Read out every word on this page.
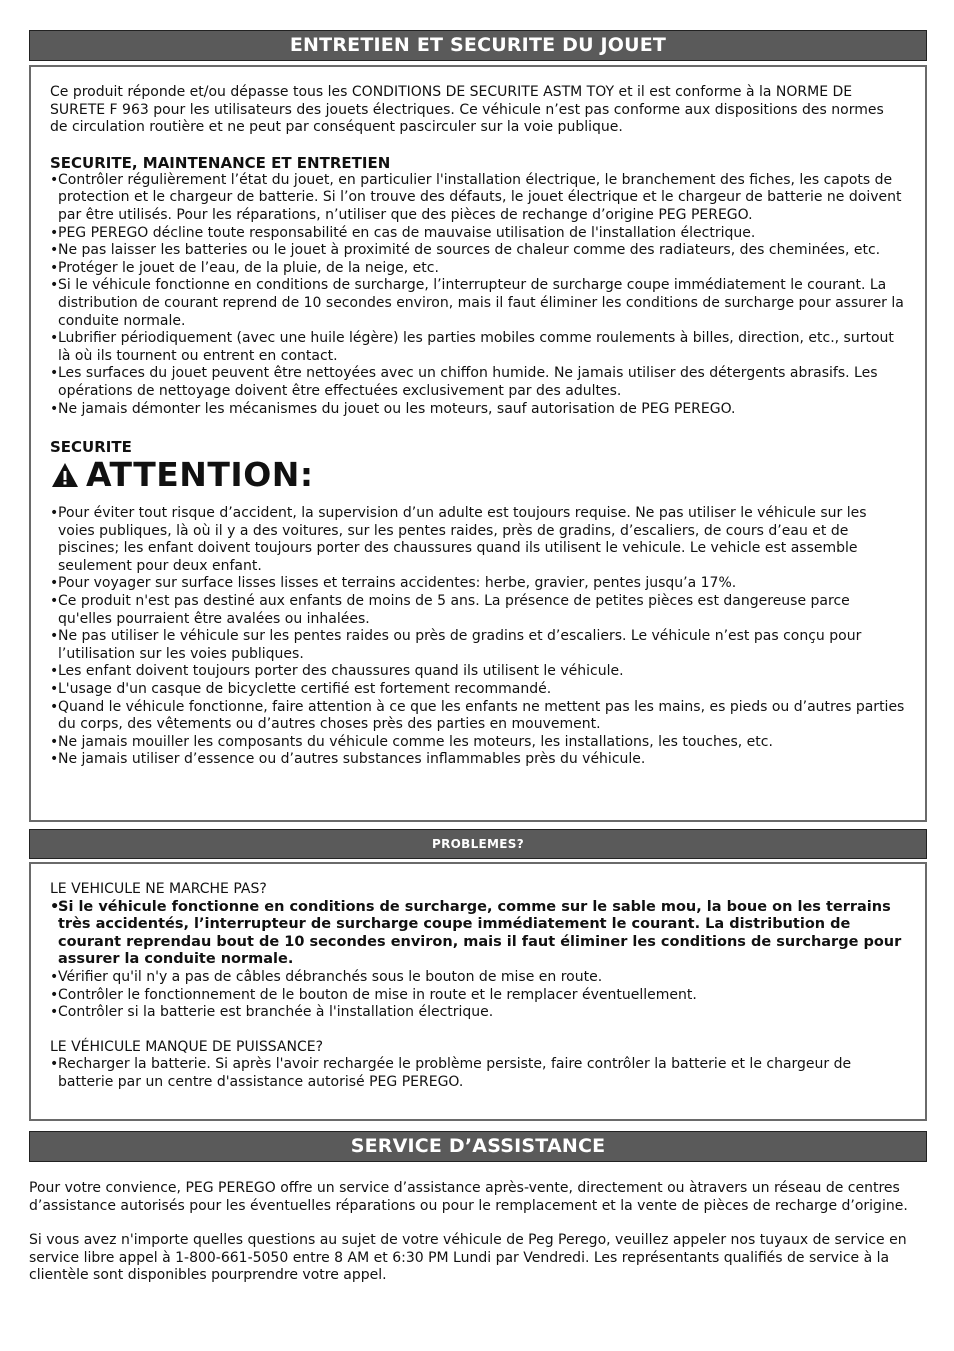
ENTRETIEN ET SECURITE DU JOUET

Ce produit réponde et/ou dépasse tous les CONDITIONS DE SECURITE ASTM TOY et il est conforme à la NORME DE SURETE F 963 pour les utilisateurs des jouets électriques. Ce véhicule n’est pas conforme aux dispositions des normes de circulation routière et ne peut par conséquent pascirculer sur la voie publique.

SECURITE, MAINTENANCE ET ENTRETIEN

• Contrôler régulièrement l’état du jouet, en particulier l'installation électrique, le branchement des fiches, les capots de protection et le chargeur de batterie. Si l’on trouve des défauts, le jouet électrique et le chargeur de batterie ne doivent par être utilisés. Pour les réparations, n’utiliser que des pièces de rechange d’origine PEG PEREGO.
• PEG PEREGO décline toute responsabilité en cas de mauvaise utilisation de l'installation électrique.
• Ne pas laisser les batteries ou le jouet à proximité de sources de chaleur comme des radiateurs, des cheminées, etc.
• Protéger le jouet de l’eau, de la pluie, de la neige, etc.
• Si le véhicule fonctionne en conditions de surcharge, l’interrupteur de surcharge coupe immédiatement le courant. La distribution de courant reprend de 10 secondes environ, mais il faut éliminer les conditions de surcharge pour assurer la conduite normale.
• Lubrifier périodiquement (avec une huile légère) les parties mobiles comme roulements à billes, direction, etc., surtout là où ils tournent ou entrent en contact.
• Les surfaces du jouet peuvent être nettoyées avec un chiffon humide. Ne jamais utiliser des détergents abrasifs. Les opérations de nettoyage doivent être effectuées exclusivement par des adultes.
• Ne jamais démonter les mécanismes du jouet ou les moteurs, sauf autorisation de PEG PEREGO.

SECURITE

ATTENTION:
• Pour éviter tout risque d’accident, la supervision d’un adulte est toujours requise. Ne pas utiliser le véhicule sur les voies publiques, là où il y a des voitures, sur les pentes raides, près de gradins, d’escaliers, de cours d’eau et de piscines; les enfant doivent toujours porter des chaussures quand ils utilisent le vehicule. Le vehicle est assemble seulement pour deux enfant.
• Pour voyager sur surface lisses lisses et terrains accidentes: herbe, gravier, pentes jusqu’a 17%.
• Ce produit n'est pas destiné aux enfants de moins de 5 ans. La présence de petites pièces est dangereuse parce qu'elles pourraient être avalées ou inhalées.
• Ne pas utiliser le véhicule sur les pentes raides ou près de gradins et d’escaliers. Le véhicule n’est pas conçu pour l’utilisation sur les voies publiques.
• Les enfant doivent toujours porter des chaussures quand ils utilisent le véhicule.
• L'usage d'un casque de bicyclette certifié est fortement recommandé.
• Quand le véhicule fonctionne, faire attention à ce que les enfants ne mettent pas les mains, es pieds ou d’autres parties du corps, des vêtements ou d’autres choses près des parties en mouvement.
• Ne jamais mouiller les composants du véhicule comme les moteurs, les installations, les touches, etc.
• Ne jamais utiliser d’essence ou d’autres substances inflammables près du véhicule.
PROBLEMES?

LE VEHICULE NE MARCHE PAS?

• Si le véhicule fonctionne en conditions de surcharge, comme sur le sable mou, la boue on les terrains très accidentés, l’interrupteur de surcharge coupe immédiatement le courant. La distribution de courant reprendau bout de 10 secondes environ, mais il faut éliminer les conditions de surcharge pour assurer la conduite normale.
• Vérifier qu'il n'y a pas de câbles débranchés sous le bouton de mise en route.
• Contrôler le fonctionnement de le bouton de mise in route et le remplacer éventuellement.
• Contrôler si la batterie est branchée à l'installation électrique.

LE VÉHICULE MANQUE DE PUISSANCE?

• Recharger la batterie. Si après l'avoir rechargée le problème persiste, faire contrôler la batterie et le chargeur de batterie par un centre d'assistance autorisé PEG PEREGO.
SERVICE D’ASSISTANCE

Pour votre convience, PEG PEREGO offre un service d’assistance après-vente, directement ou àtravers un réseau de centres d’assistance autorisés pour les éventuelles réparations ou pour le remplacement et la vente de pièces de recharge d’origine.

Si vous avez n'importe quelles questions au sujet de votre véhicule de Peg Perego, veuillez appeler nos tuyaux de service en service libre appel à 1-800-661-5050 entre 8 AM et 6:30 PM Lundi par Vendredi. Les représentants qualifiés de service à la clientèle sont disponibles pourprendre votre appel.
